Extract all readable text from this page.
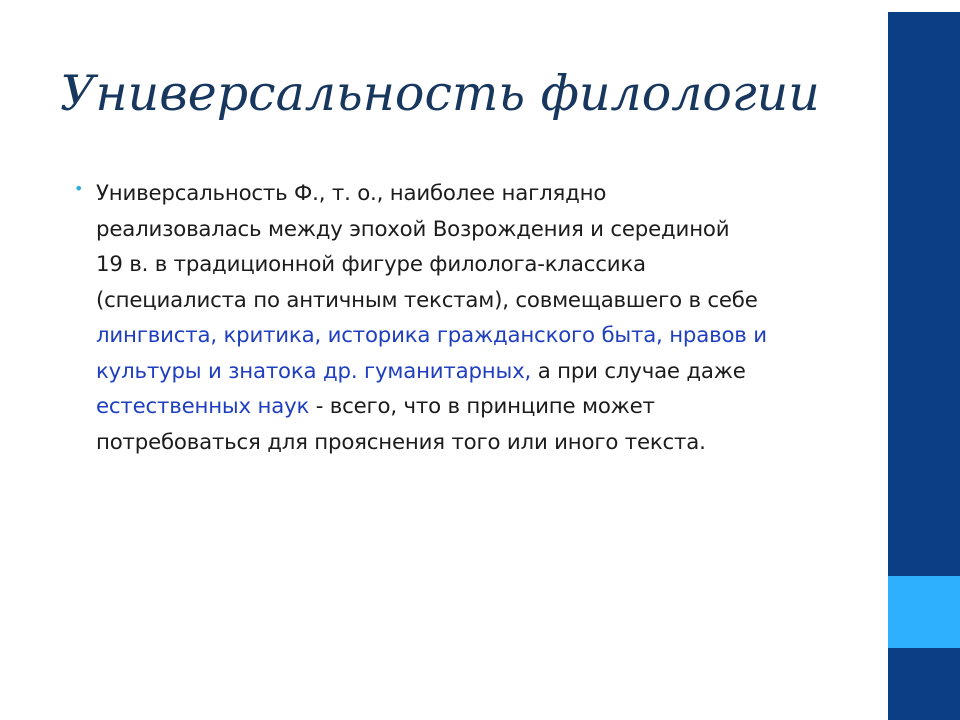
Универсальность филологии
• Универсальность Ф., т. о., наиболее наглядно
реализовалась между эпохой Возрождения и серединой
19 в. в традиционной фигуре филолога-классика
(специалиста по античным текстам), совмещавшего в себе
лингвиста, критика, историка гражданского быта, нравов и
культуры и знатока др. гуманитарных, а при случае даже
естественных наук - всего, что в принципе может
потребоваться для прояснения того или иного текста.
